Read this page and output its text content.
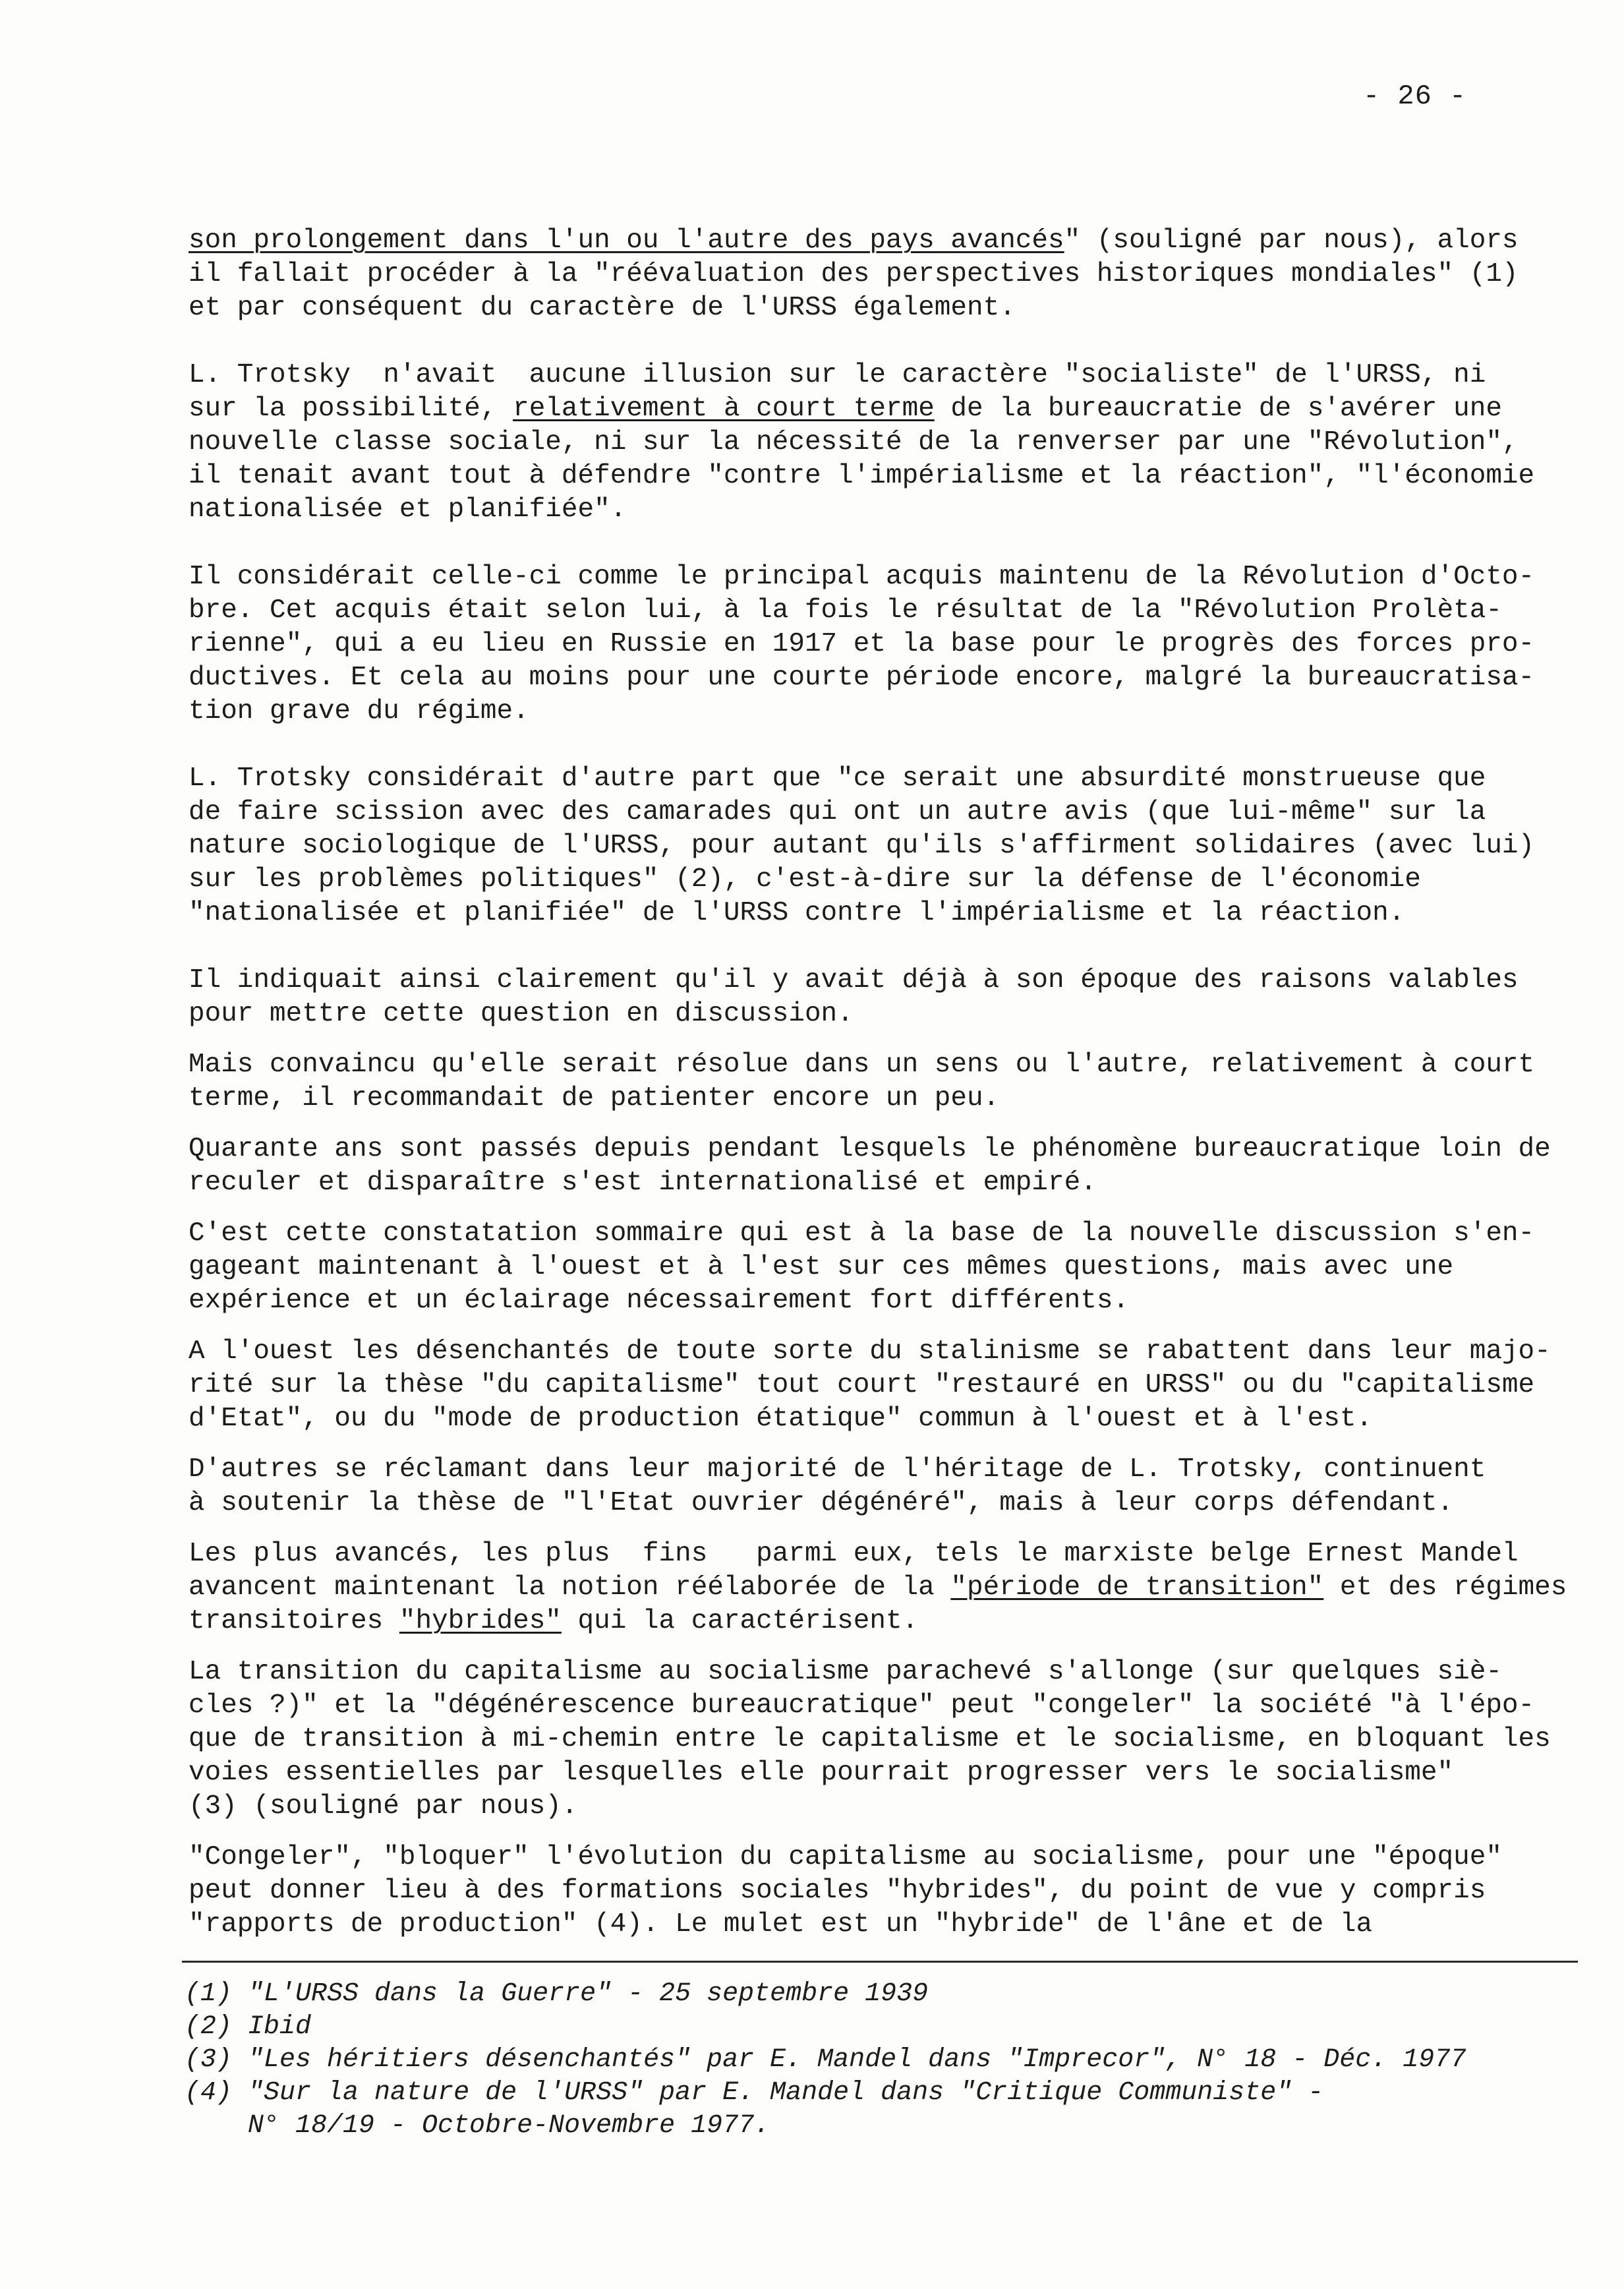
- 26 -
son prolongement dans l'un ou l'autre des pays avancés" (souligné par nous), alors
il fallait procéder à la "réévaluation des perspectives historiques mondiales" (1)
et par conséquent du caractère de l'URSS également.
L. Trotsky  n'avait  aucune illusion sur le caractère "socialiste" de l'URSS, ni
sur la possibilité, relativement à court terme de la bureaucratie de s'avérer une
nouvelle classe sociale, ni sur la nécessité de la renverser par une "Révolution",
il tenait avant tout à défendre "contre l'impérialisme et la réaction", "l'économie
nationalisée et planifiée".
Il considérait celle-ci comme le principal acquis maintenu de la Révolution d'Octo-
bre. Cet acquis était selon lui, à la fois le résultat de la "Révolution Prolèta-
rienne", qui a eu lieu en Russie en 1917 et la base pour le progrès des forces pro-
ductives. Et cela au moins pour une courte période encore, malgré la bureaucratisa-
tion grave du régime.
L. Trotsky considérait d'autre part que "ce serait une absurdité monstrueuse que
de faire scission avec des camarades qui ont un autre avis (que lui-même" sur la
nature sociologique de l'URSS, pour autant qu'ils s'affirment solidaires (avec lui)
sur les problèmes politiques" (2), c'est-à-dire sur la défense de l'économie
"nationalisée et planifiée" de l'URSS contre l'impérialisme et la réaction.
Il indiquait ainsi clairement qu'il y avait déjà à son époque des raisons valables
pour mettre cette question en discussion.
Mais convaincu qu'elle serait résolue dans un sens ou l'autre, relativement à court
terme, il recommandait de patienter encore un peu.
Quarante ans sont passés depuis pendant lesquels le phénomène bureaucratique loin de
reculer et disparaître s'est internationalisé et empiré.
C'est cette constatation sommaire qui est à la base de la nouvelle discussion s'en-
gageant maintenant à l'ouest et à l'est sur ces mêmes questions, mais avec une
expérience et un éclairage nécessairement fort différents.
A l'ouest les désenchantés de toute sorte du stalinisme se rabattent dans leur majo-
rité sur la thèse "du capitalisme" tout court "restauré en URSS" ou du "capitalisme
d'Etat", ou du "mode de production étatique" commun à l'ouest et à l'est.
D'autres se réclamant dans leur majorité de l'héritage de L. Trotsky, continuent
à soutenir la thèse de "l'Etat ouvrier dégénéré", mais à leur corps défendant.
Les plus avancés, les plus  fins   parmi eux, tels le marxiste belge Ernest Mandel
avancent maintenant la notion réélaborée de la "période de transition" et des régimes
transitoires "hybrides" qui la caractérisent.
La transition du capitalisme au socialisme parachevé s'allonge (sur quelques siè-
cles ?)" et la "dégénérescence bureaucratique" peut "congeler" la société "à l'épo-
que de transition à mi-chemin entre le capitalisme et le socialisme, en bloquant les
voies essentielles par lesquelles elle pourrait progresser vers le socialisme"
(3) (souligné par nous).
"Congeler", "bloquer" l'évolution du capitalisme au socialisme, pour une "époque"
peut donner lieu à des formations sociales "hybrides", du point de vue y compris
"rapports de production" (4). Le mulet est un "hybride" de l'âne et de la
(1) "L'URSS dans la Guerre" - 25 septembre 1939
(2) Ibid
(3) "Les héritiers désenchantés" par E. Mandel dans "Imprecor", N° 18 - Déc. 1977
(4) "Sur la nature de l'URSS" par E. Mandel dans "Critique Communiste" -
N° 18/19 - Octobre-Novembre 1977.
